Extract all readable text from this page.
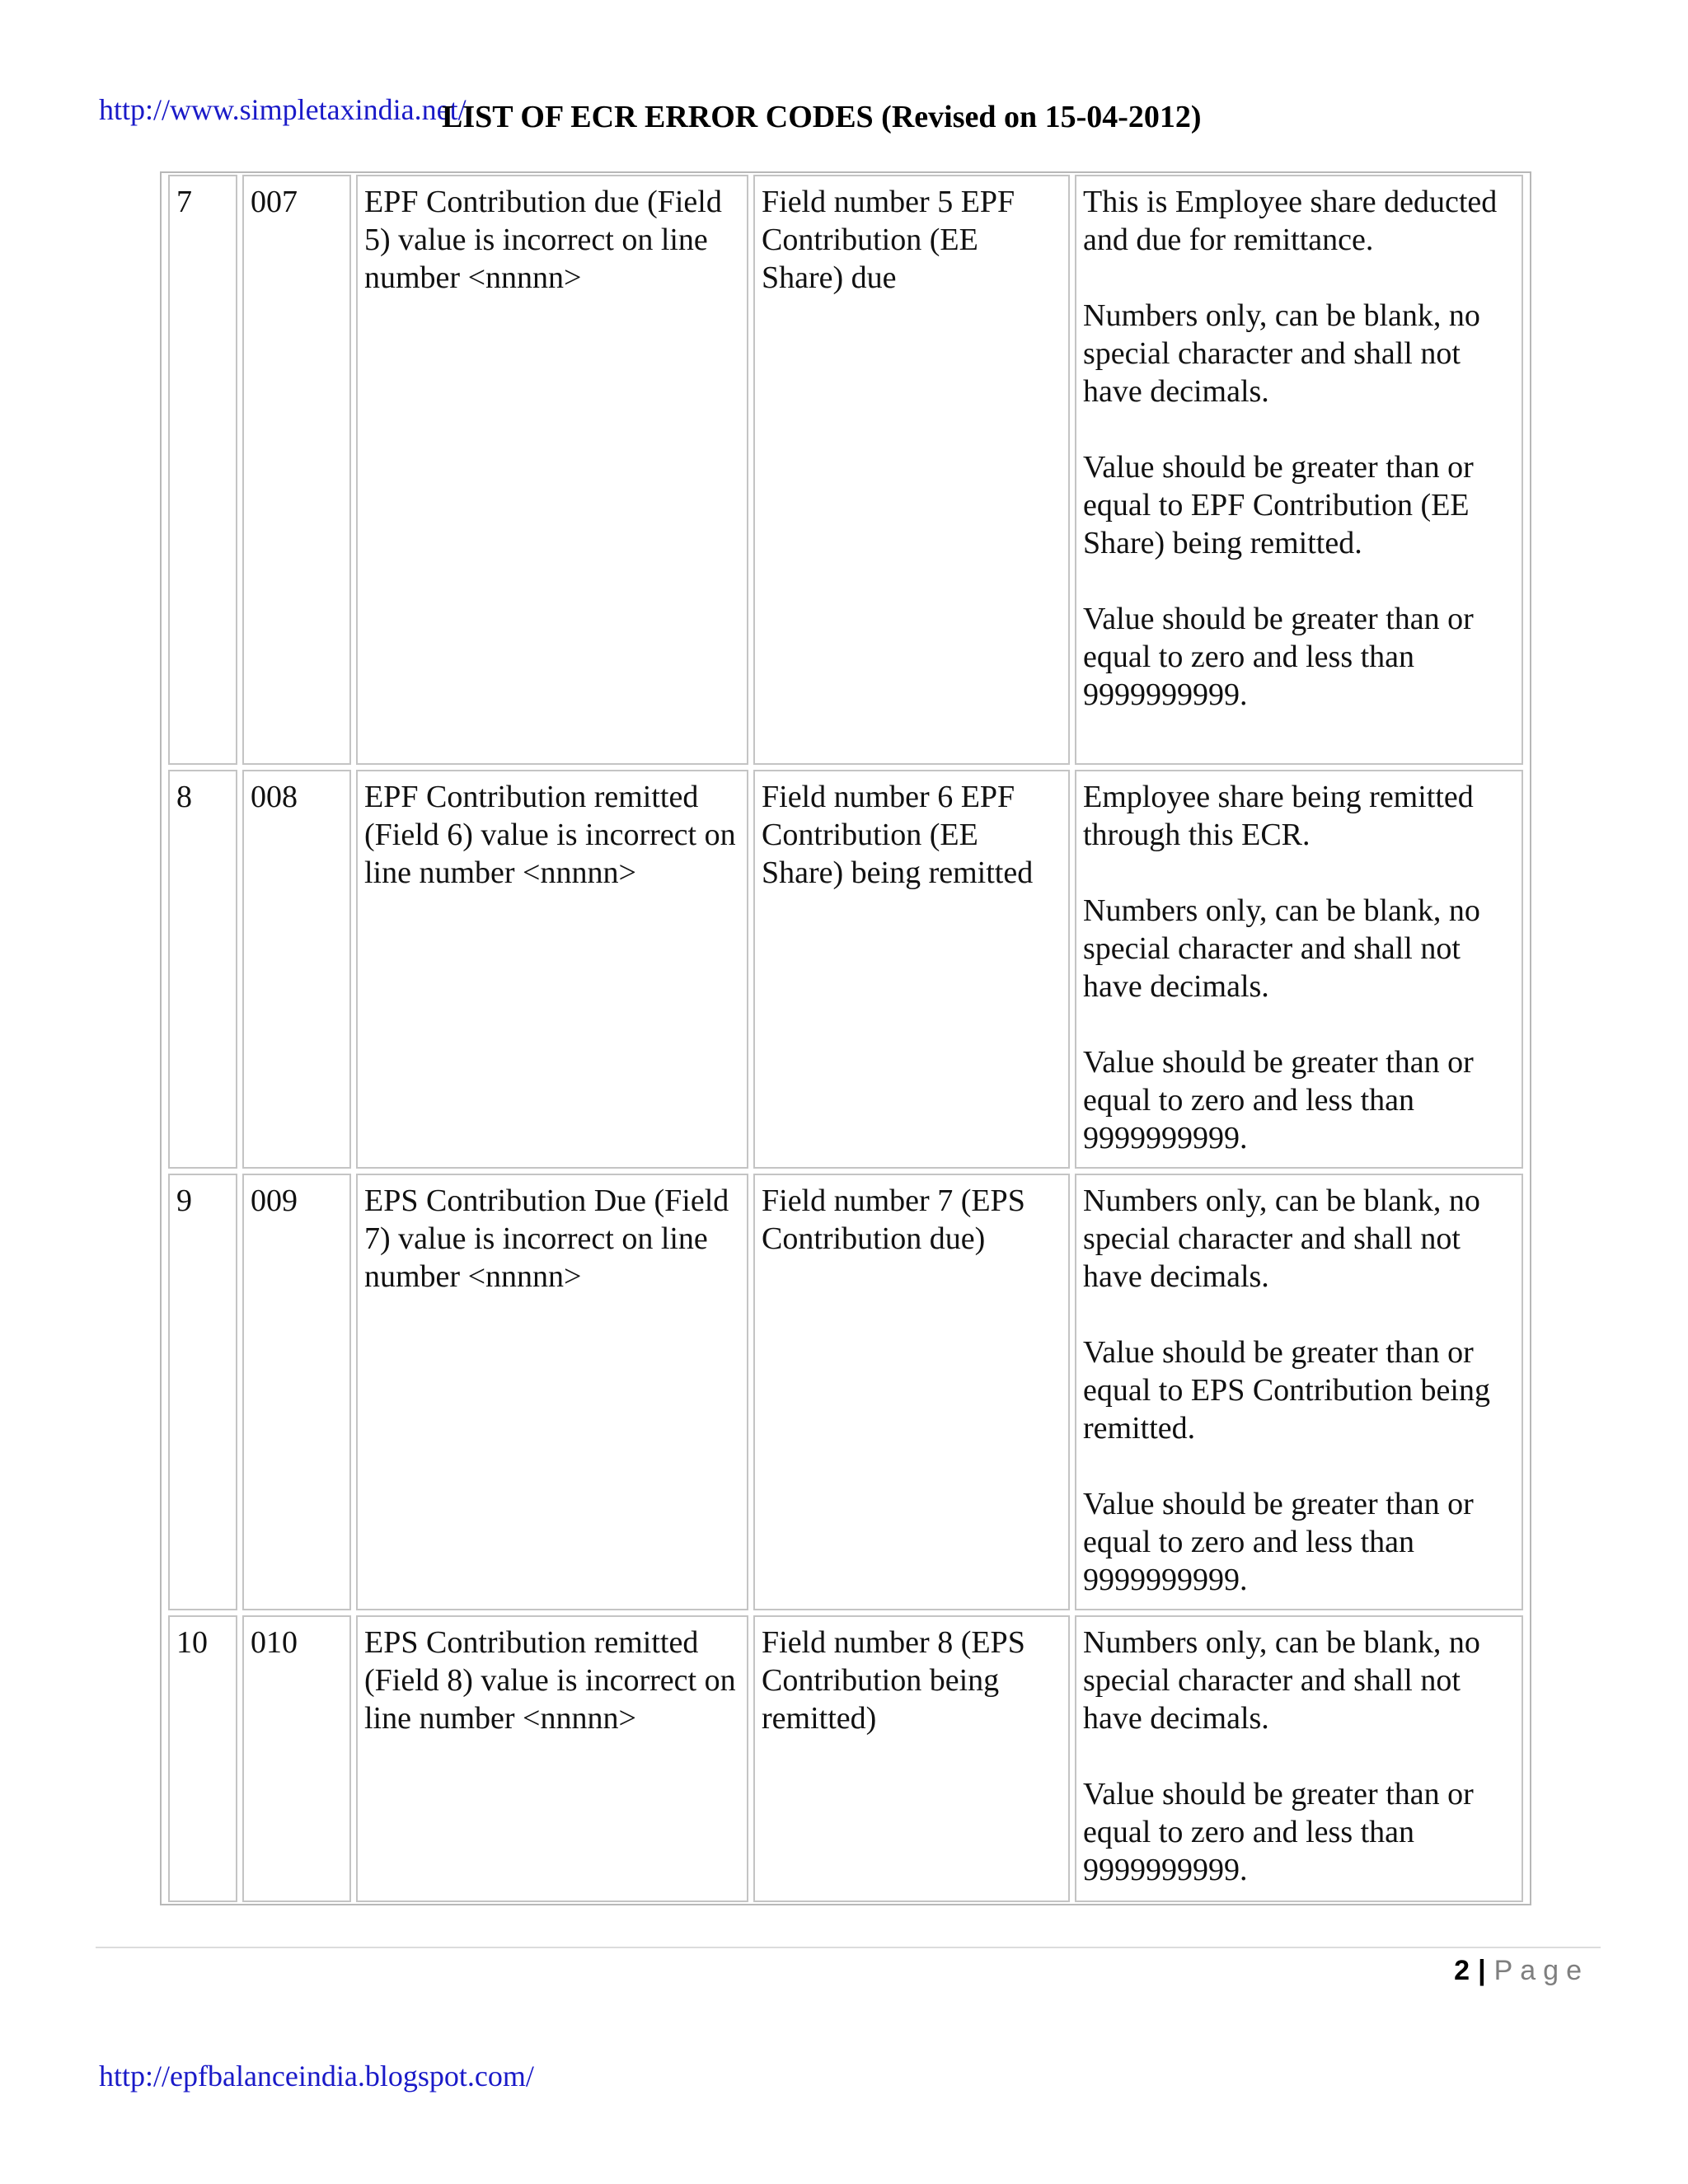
http://www.simpletaxindia.net/
LIST OF ECR ERROR CODES (Revised on 15-04-2012)
7	007	EPF Contribution due (Field 5) value is incorrect on line number <nnnnn>	Field number 5 EPF Contribution (EE Share) due	This is Employee share deducted and due for remittance.
Numbers only, can be blank, no special character and shall not have decimals.
Value should be greater than or equal to EPF Contribution (EE Share) being remitted.
Value should be greater than or equal to zero and less than 9999999999.

8	008	EPF Contribution remitted (Field 6) value is incorrect on line number <nnnnn>	Field number 6 EPF Contribution (EE Share) being remitted	Employee share being remitted through this ECR.
Numbers only, can be blank, no special character and shall not have decimals.
Value should be greater than or equal to zero and less than 9999999999.

9	009	EPS Contribution Due (Field 7) value is incorrect on line number <nnnnn>	Field number 7 (EPS Contribution due)	Numbers only, can be blank, no special character and shall not have decimals.
Value should be greater than or equal to EPS Contribution being remitted.
Value should be greater than or equal to zero and less than 9999999999.

10	010	EPS Contribution remitted (Field 8) value is incorrect on line number <nnnnn>	Field number 8 (EPS Contribution being remitted)	Numbers only, can be blank, no special character and shall not have decimals.
Value should be greater than or equal to zero and less than 9999999999.
2 | Page
http://epfbalanceindia.blogspot.com/
